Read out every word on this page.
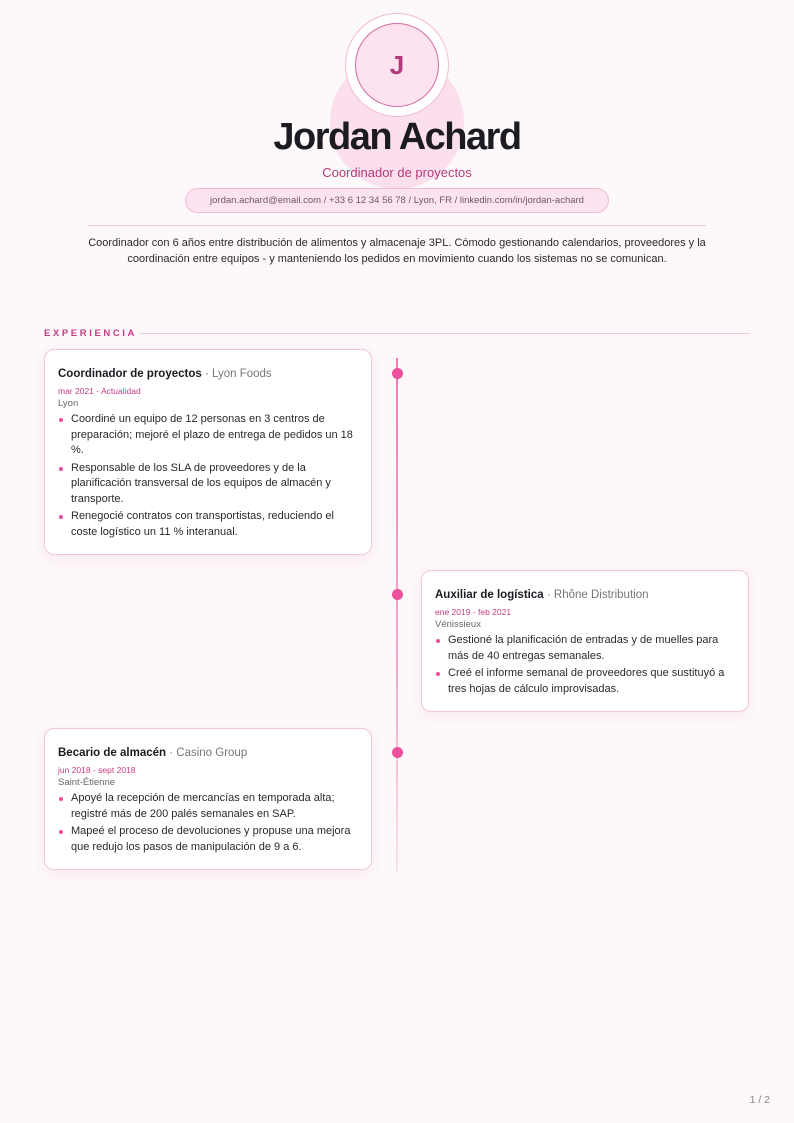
J
Jordan Achard
Coordinador de proyectos
jordan.achard@email.com / +33 6 12 34 56 78 / Lyon, FR / linkedin.com/in/jordan-achard
Coordinador con 6 años entre distribución de alimentos y almacenaje 3PL. Cómodo gestionando calendarios, proveedores y la coordinación entre equipos - y manteniendo los pedidos en movimiento cuando los sistemas no se comunican.
EXPERIENCIA
Coordinador de proyectos · Lyon Foods
mar 2021 - Actualidad
Lyon
Coordiné un equipo de 12 personas en 3 centros de preparación; mejoré el plazo de entrega de pedidos un 18 %.
Responsable de los SLA de proveedores y de la planificación transversal de los equipos de almacén y transporte.
Renegocié contratos con transportistas, reduciendo el coste logístico un 11 % interanual.
Auxiliar de logística · Rhône Distribution
ene 2019 - feb 2021
Vénissieux
Gestioné la planificación de entradas y de muelles para más de 40 entregas semanales.
Creé el informe semanal de proveedores que sustituyó a tres hojas de cálculo improvisadas.
Becario de almacén · Casino Group
jun 2018 - sept 2018
Saint-Étienne
Apoyé la recepción de mercancías en temporada alta; registré más de 200 palés semanales en SAP.
Mapeé el proceso de devoluciones y propuse una mejora que redujo los pasos de manipulación de 9 a 6.
1 / 2
